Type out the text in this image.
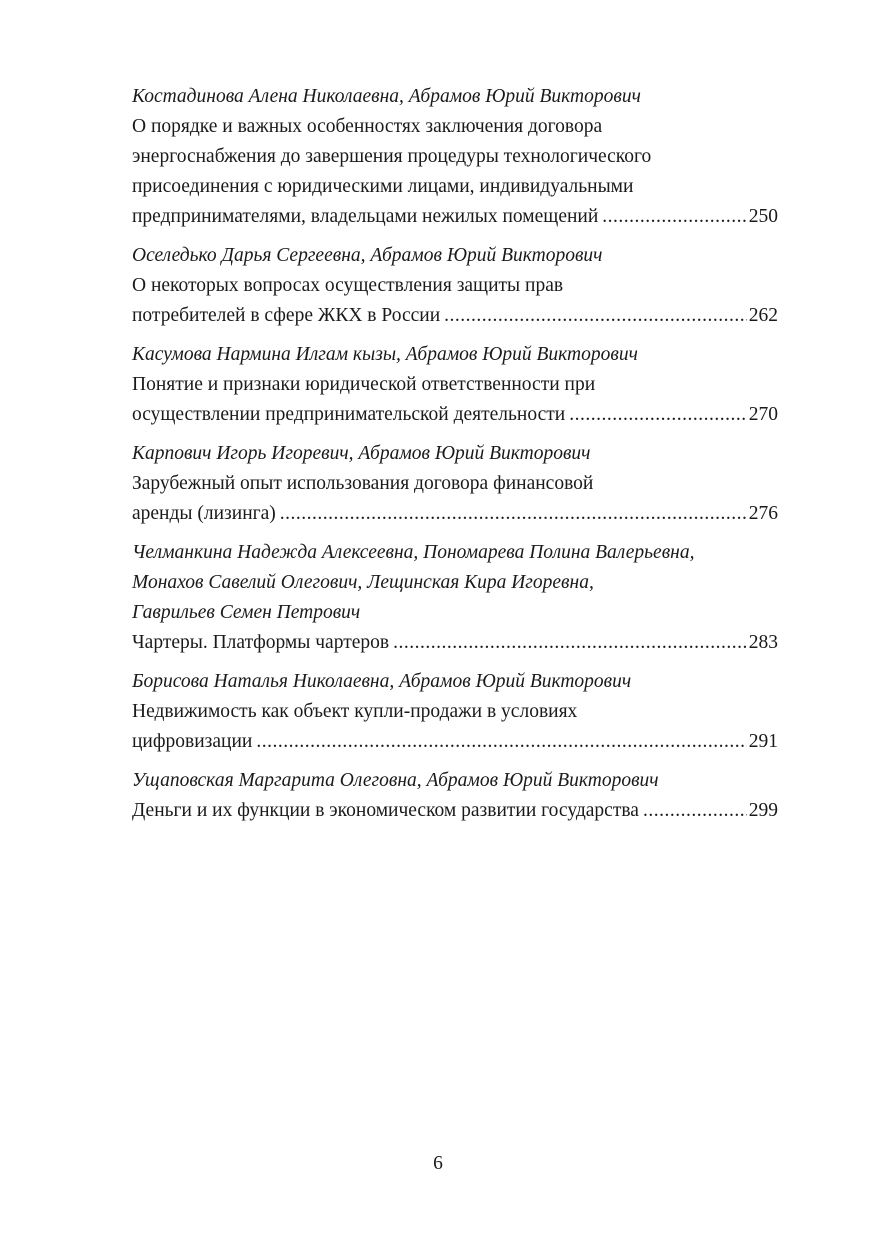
Костадинова Алена Николаевна, Абрамов Юрий Викторович
О порядке и важных особенностях заключения договора
энергоснабжения до завершения процедуры технологического
присоединения с юридическими лицами, индивидуальными
предпринимателями, владельцами нежилых помещений .....	250
Оселедько Дарья Сергеевна, Абрамов Юрий Викторович
О некоторых вопросах осуществления защиты прав
потребителей в сфере ЖКХ в России .....	262
Касумова Нармина Илгам кызы, Абрамов Юрий Викторович
Понятие и признаки юридической ответственности при
осуществлении предпринимательской деятельности .....	270
Карпович Игорь Игоревич, Абрамов Юрий Викторович
Зарубежный опыт использования договора финансовой
аренды (лизинга) .....	276
Челманкина Надежда Алексеевна, Пономарева Полина Валерьевна,
Монахов Савелий Олегович, Лещинская Кира Игоревна,
Гаврильев Семен Петрович
Чартеры. Платформы чартеров .....	283
Борисова Наталья Николаевна, Абрамов Юрий Викторович
Недвижимость как объект купли-продажи в условиях
цифровизации .....	291
Ущаповская Маргарита Олеговна, Абрамов Юрий Викторович
Деньги и их функции в экономическом развитии государства .....	299
6
